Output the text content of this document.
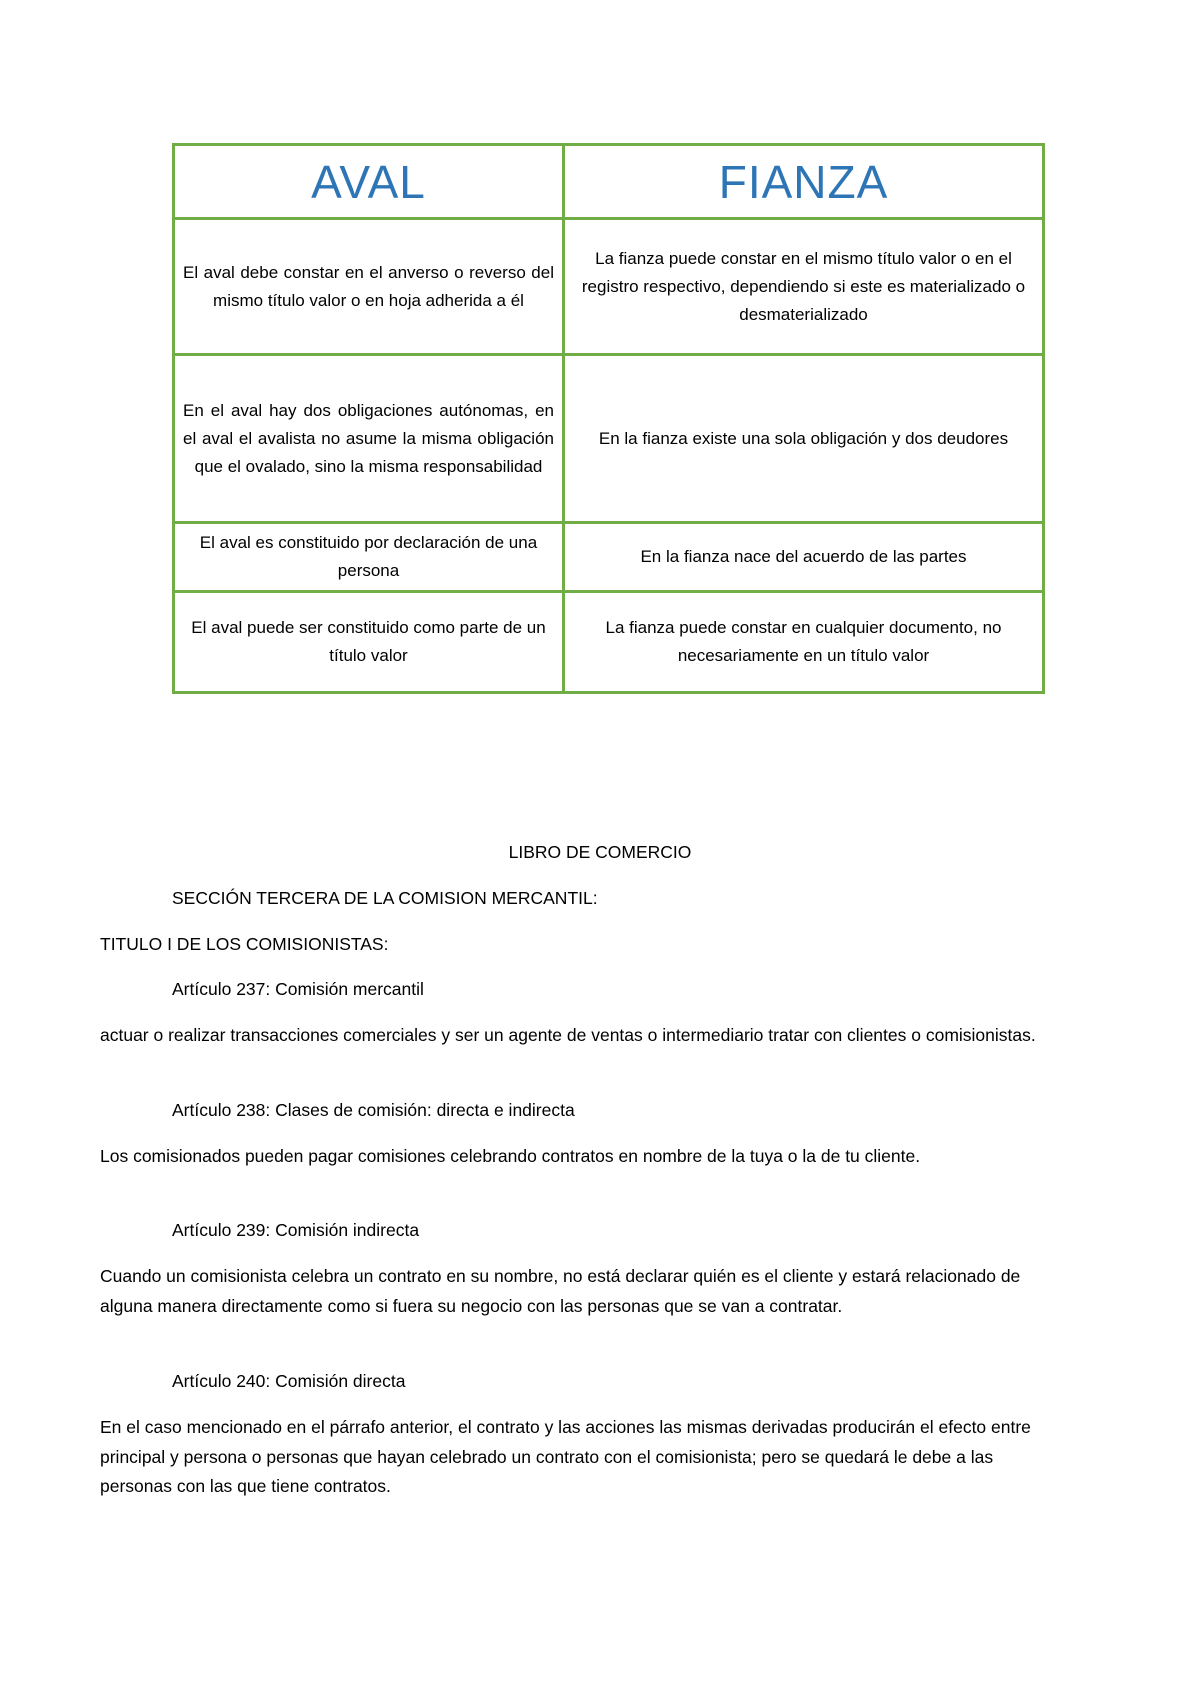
AVAL	FIANZA
El aval debe constar en el anverso o reverso del mismo título valor o en hoja adherida a él	La fianza puede constar en el mismo título valor o en el registro respectivo, dependiendo si este es materializado o desmaterializado
En el aval hay dos obligaciones autónomas, en el aval el avalista no asume la misma obligación que el ovalado, sino la misma responsabilidad	En la fianza existe una sola obligación y dos deudores
El aval es constituido por declaración de una persona	En la fianza nace del acuerdo de las partes
El aval puede ser constituido como parte de un título valor	La fianza puede constar en cualquier documento, no necesariamente en un título valor
LIBRO DE COMERCIO
SECCIÓN TERCERA DE LA COMISION MERCANTIL:
TITULO I DE LOS COMISIONISTAS:
Artículo 237: Comisión mercantil
actuar o realizar transacciones comerciales y ser un agente de ventas o intermediario tratar con clientes o comisionistas.
Artículo 238: Clases de comisión: directa e indirecta
Los comisionados pueden pagar comisiones celebrando contratos en nombre de la tuya o la de tu cliente.
Artículo 239: Comisión indirecta
Cuando un comisionista celebra un contrato en su nombre, no está declarar quién es el cliente y estará relacionado de alguna manera directamente como si fuera su negocio con las personas que se van a contratar.
Artículo 240: Comisión directa
En el caso mencionado en el párrafo anterior, el contrato y las acciones las mismas derivadas producirán el efecto entre principal y persona o personas que hayan celebrado un contrato con el comisionista; pero se quedará le debe a las personas con las que tiene contratos.
